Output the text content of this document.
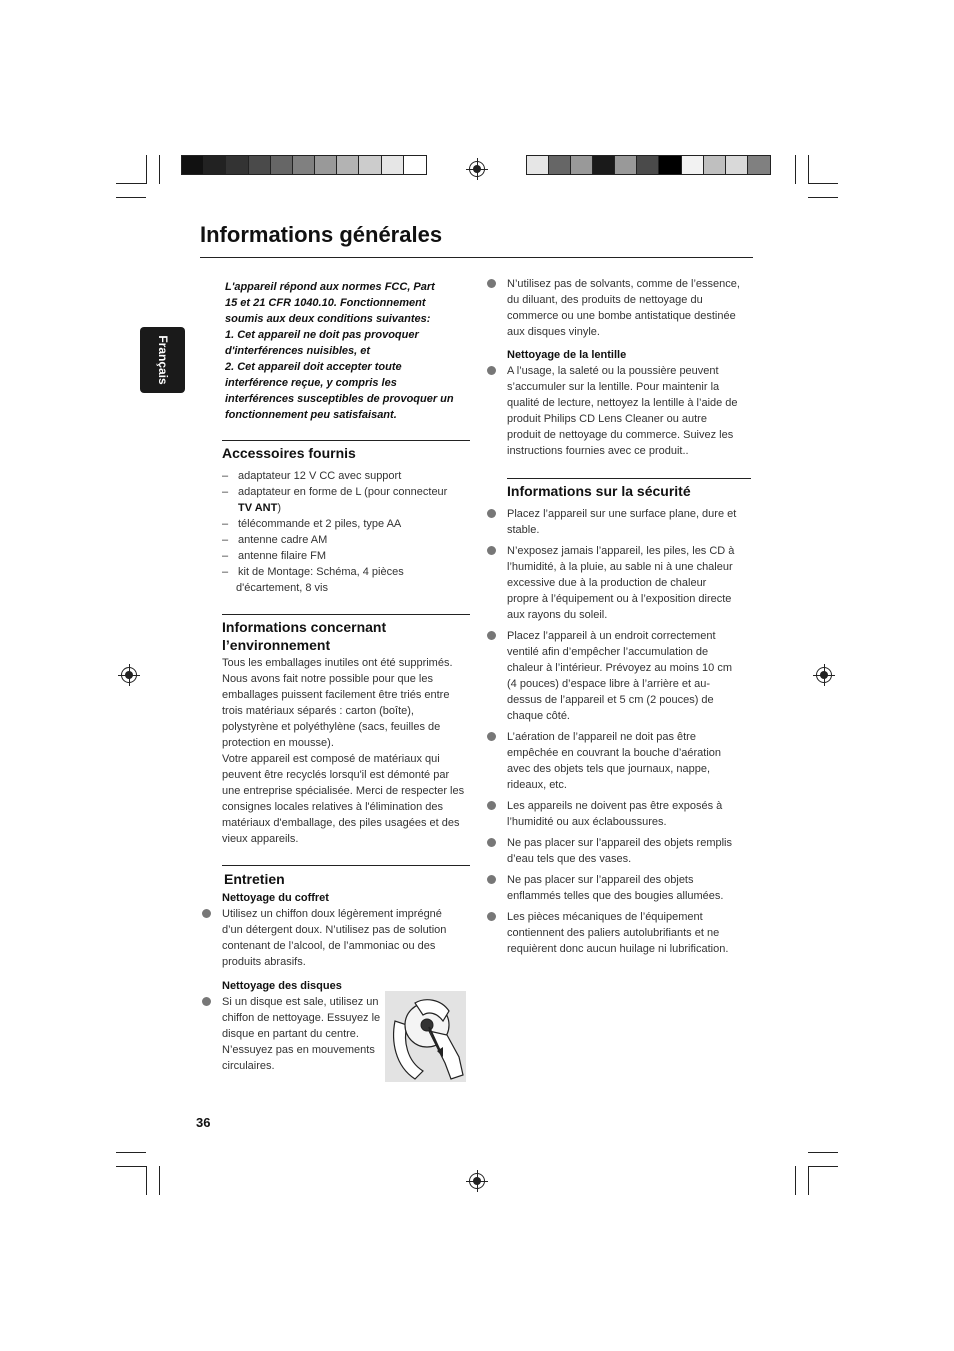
Informations générales
Français
L'appareil répond aux normes FCC, Part
15 et 21 CFR 1040.10. Fonctionnement
soumis aux deux conditions suivantes:
1. Cet appareil ne doit pas provoquer
d'interférences nuisibles, et
2. Cet appareil doit accepter toute
interférence reçue, y compris les
interférences susceptibles de provoquer un
fonctionnement peu satisfaisant.
Accessoires fournis
– adaptateur 12 V CC avec support
– adaptateur en forme de L (pour connecteur
TV ANT)
– télécommande et 2 piles, type AA
– antenne cadre AM
– antenne filaire FM
– kit de Montage: Schéma, 4 pièces
d'écartement, 8 vis
Informations concernant
l’environnement
Tous les emballages inutiles ont été supprimés.
Nous avons fait notre possible pour que les
emballages puissent facilement être triés entre
trois matériaux séparés : carton (boîte),
polystyrène et polyéthylène (sacs, feuilles de
protection en mousse).
Votre appareil est composé de matériaux qui
peuvent être recyclés lorsqu'il est démonté par
une entreprise spécialisée. Merci de respecter les
consignes locales relatives à l'élimination des
matériaux d'emballage, des piles usagées et des
vieux appareils.
Entretien
Nettoyage du coffret
Utilisez un chiffon doux légèrement imprégné
d’un détergent doux. N’utilisez pas de solution
contenant de l’alcool, de l’ammoniac ou des
produits abrasifs.
Nettoyage des disques
Si un disque est sale, utilisez un
chiffon de nettoyage. Essuyez le
disque en partant du centre.
N’essuyez pas en mouvements
circulaires.
N’utilisez pas de solvants, comme de l’essence,
du diluant, des produits de nettoyage du
commerce ou une bombe antistatique destinée
aux disques vinyle.
Nettoyage de la lentille
A l’usage, la saleté ou la poussière peuvent
s’accumuler sur la lentille. Pour maintenir la
qualité de lecture, nettoyez la lentille à l’aide de
produit Philips CD Lens Cleaner ou autre
produit de nettoyage du commerce. Suivez les
instructions fournies avec ce produit..
Informations sur la sécurité
Placez l’appareil sur une surface plane, dure et
stable.
N’exposez jamais l’appareil, les piles, les CD à
l’humidité, à la pluie, au sable ni à une chaleur
excessive due à la production de chaleur
propre à l’équipement ou à l’exposition directe
aux rayons du soleil.
Placez l’appareil à un endroit correctement
ventilé afin d’empêcher l’accumulation de
chaleur à l’intérieur. Prévoyez au moins 10 cm
(4 pouces) d’espace libre à l’arrière et au-
dessus de l’appareil et 5 cm (2 pouces) de
chaque côté.
L’aération de l’appareil ne doit pas être
empêchée en couvrant la bouche d’aération
avec des objets tels que journaux, nappe,
rideaux, etc.
Les appareils ne doivent pas être exposés à
l’humidité ou aux éclaboussures.
Ne pas placer sur l’appareil des objets remplis
d’eau tels que des vases.
Ne pas placer sur l’appareil des objets
enflammés telles que des bougies allumées.
Les pièces mécaniques de l’équipement
contiennent des paliers autolubrifiants et ne
requièrent donc aucun huilage ni lubrification.
36
